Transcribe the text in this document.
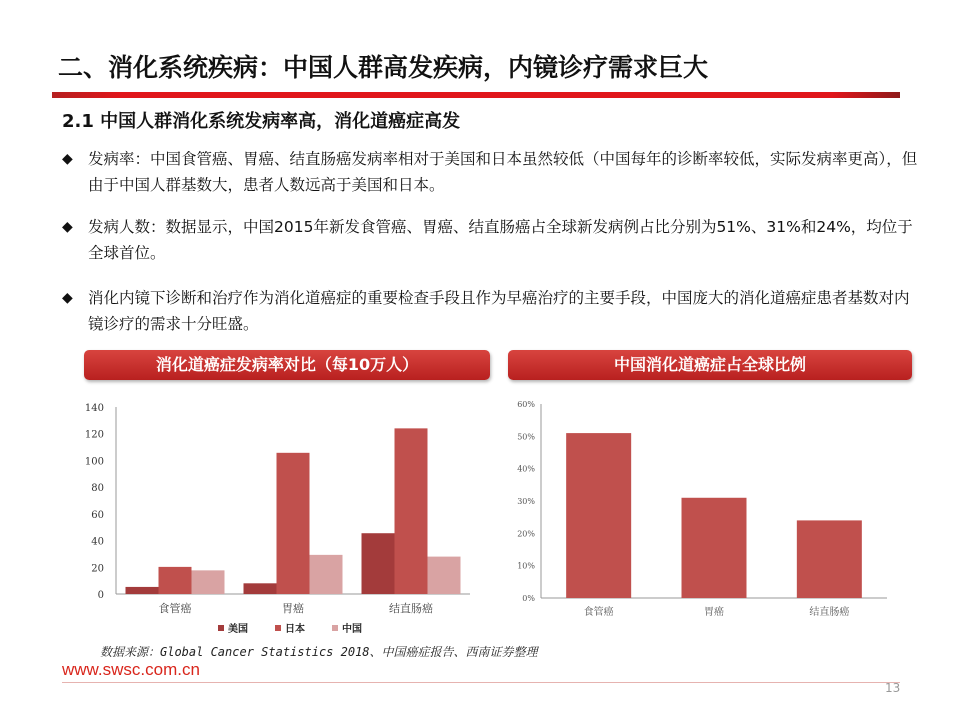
二、消化系统疾病：中国人群高发疾病，内镜诊疗需求巨大
2.1 中国人群消化系统发病率高，消化道癌症高发
◆ 发病率：中国食管癌、胃癌、结直肠癌发病率相对于美国和日本虽然较低（中国每年的诊断率较低，实际发病率更高），但由于中国人群基数大，患者人数远高于美国和日本。
◆ 发病人数：数据显示，中国2015年新发食管癌、胃癌、结直肠癌占全球新发病例占比分别为51%、31%和24%，均位于全球首位。
◆ 消化内镜下诊断和治疗作为消化道癌症的重要检查手段且作为早癌治疗的主要手段，中国庞大的消化道癌症患者基数对内镜诊疗的需求十分旺盛。
消化道癌症发病率对比（每10万人）	中国消化道癌症占全球比例
0
20
40
60
80
100
120
140
食管癌	胃癌	结直肠癌
美国	日本	中国
0%
10%
20%
30%
40%
50%
60%
食管癌	胃癌	结直肠癌
数据来源：Global Cancer Statistics 2018、中国癌症报告、西南证券整理
www.swsc.com.cn
13
